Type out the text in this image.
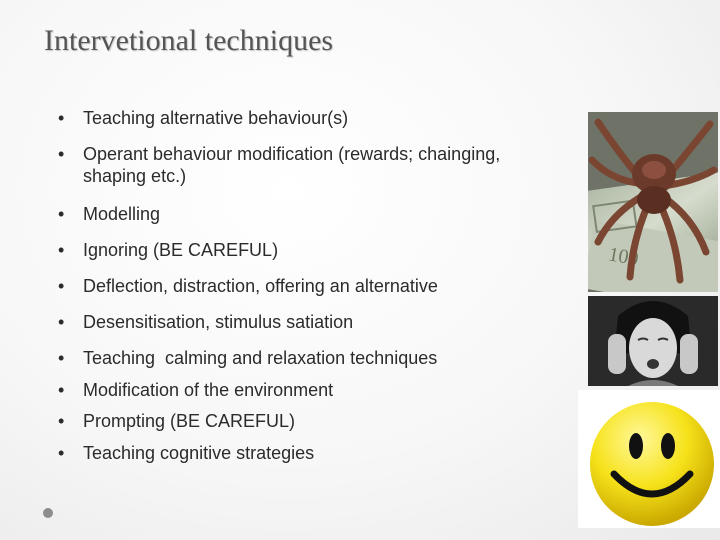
Intervetional techniques
• Teaching alternative behaviour(s)
• Operant behaviour modification (rewards; chainging, shaping etc.)
• Modelling
• Ignoring (BE CAREFUL)
• Deflection, distraction, offering an alternative
• Desensitisation, stimulus satiation
• Teaching  calming and relaxation techniques
• Modification of the environment
• Prompting (BE CAREFUL)
• Teaching cognitive strategies
100
